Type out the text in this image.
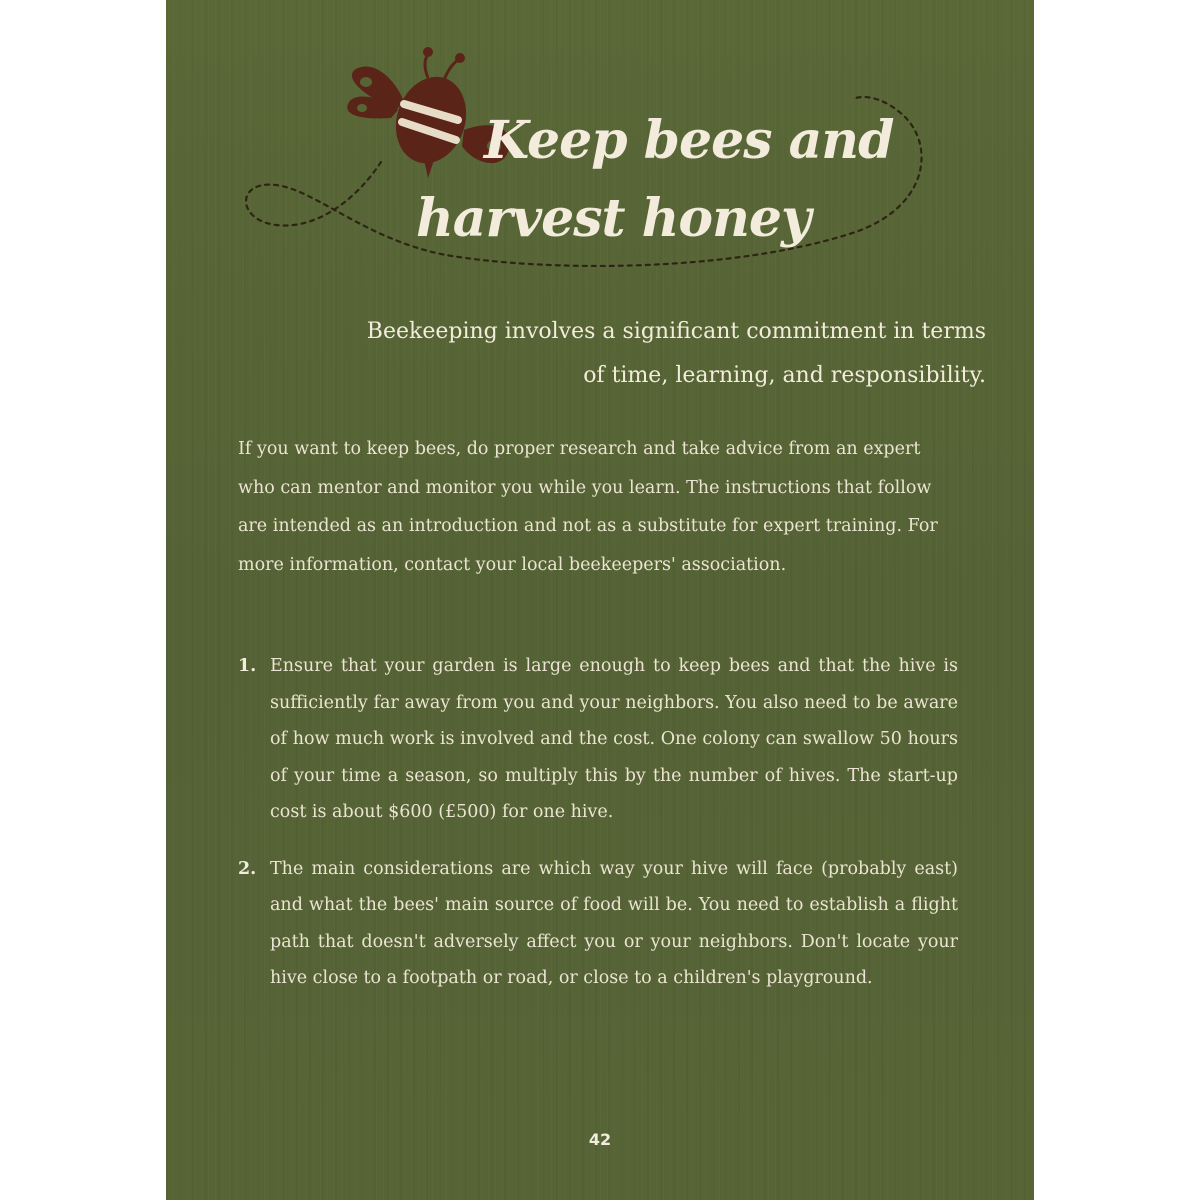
Keep bees and
harvest honey

Beekeeping involves a significant commitment in terms
of time, learning, and responsibility.

If you want to keep bees, do proper research and take advice from an expert who can mentor and monitor you while you learn. The instructions that follow are intended as an introduction and not as a substitute for expert training. For more information, contact your local beekeepers' association.

1. Ensure that your garden is large enough to keep bees and that the hive is sufficiently far away from you and your neighbors. You also need to be aware of how much work is involved and the cost. One colony can swallow 50 hours of your time a season, so multiply this by the number of hives. The start-up cost is about $600 (£500) for one hive.
2. The main considerations are which way your hive will face (probably east) and what the bees' main source of food will be. You need to establish a flight path that doesn't adversely affect you or your neighbors. Don't locate your hive close to a footpath or road, or close to a children's playground.
42
